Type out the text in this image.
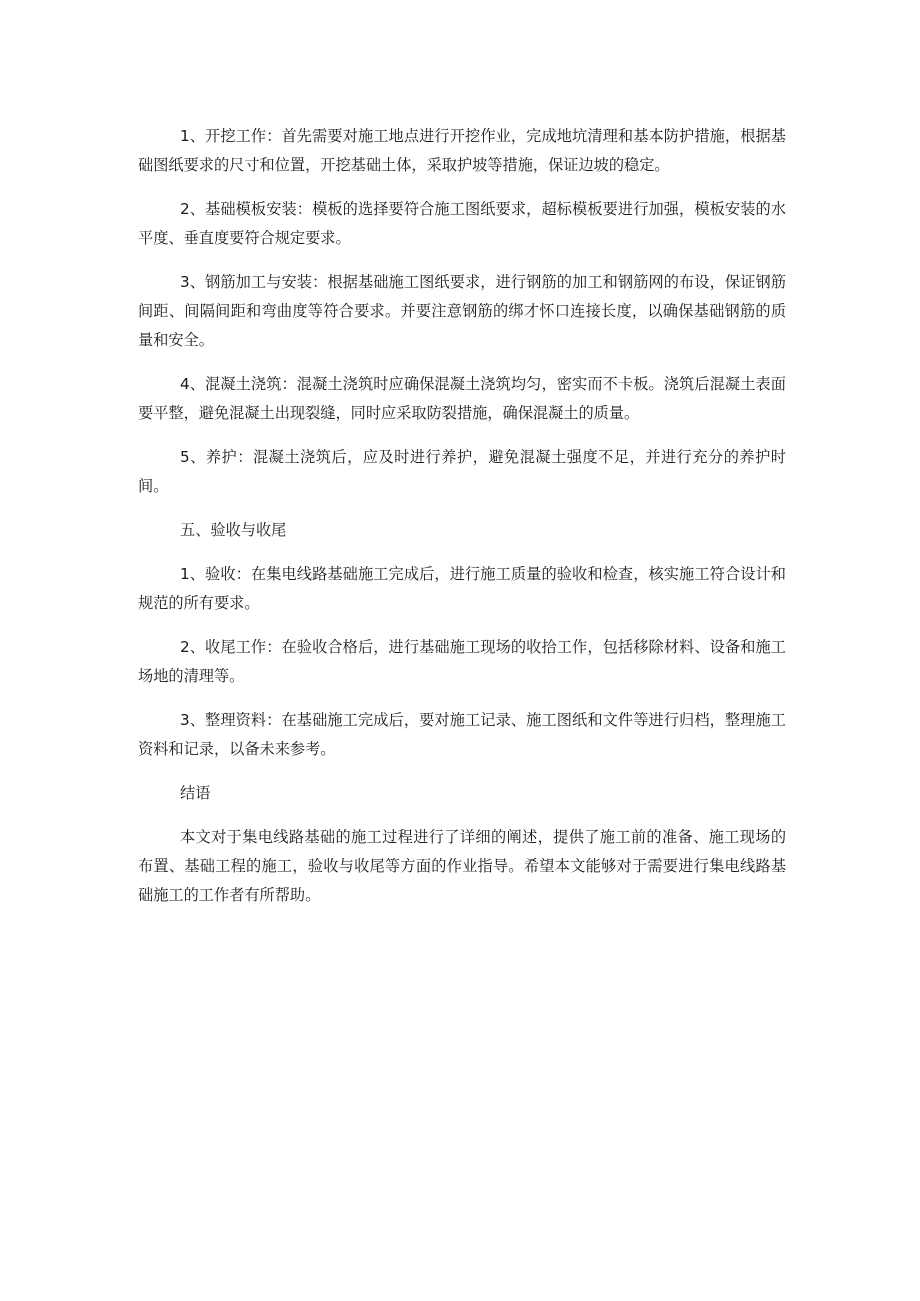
1、开挖工作：首先需要对施工地点进行开挖作业，完成地坑清理和基本防护措施，根据基础图纸要求的尺寸和位置，开挖基础土体，采取护坡等措施，保证边坡的稳定。

2、基础模板安装：模板的选择要符合施工图纸要求，超标模板要进行加强，模板安装的水平度、垂直度要符合规定要求。

3、钢筋加工与安装：根据基础施工图纸要求，进行钢筋的加工和钢筋网的布设，保证钢筋间距、间隔间距和弯曲度等符合要求。并要注意钢筋的绑才怀口连接长度，以确保基础钢筋的质量和安全。

4、混凝土浇筑：混凝土浇筑时应确保混凝土浇筑均匀，密实而不卡板。浇筑后混凝土表面要平整，避免混凝土出现裂缝，同时应采取防裂措施，确保混凝土的质量。

5、养护：混凝土浇筑后，应及时进行养护，避免混凝土强度不足，并进行充分的养护时间。

五、验收与收尾

1、验收：在集电线路基础施工完成后，进行施工质量的验收和检查，核实施工符合设计和规范的所有要求。

2、收尾工作：在验收合格后，进行基础施工现场的收拾工作，包括移除材料、设备和施工场地的清理等。

3、整理资料：在基础施工完成后，要对施工记录、施工图纸和文件等进行归档，整理施工资料和记录，以备未来参考。

结语

本文对于集电线路基础的施工过程进行了详细的阐述，提供了施工前的准备、施工现场的布置、基础工程的施工，验收与收尾等方面的作业指导。希望本文能够对于需要进行集电线路基础施工的工作者有所帮助。
